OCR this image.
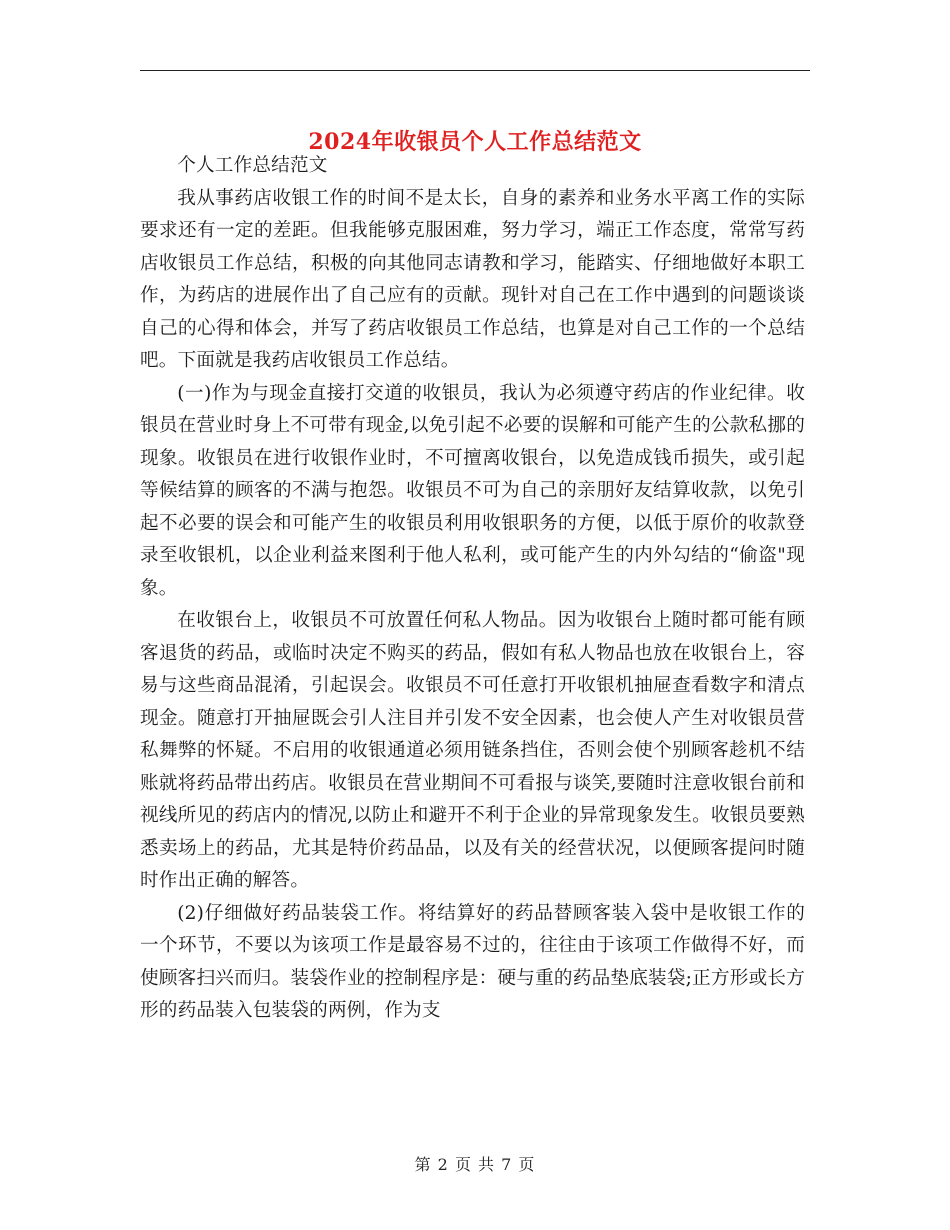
2024年收银员个人工作总结范文

个人工作总结范文

我从事药店收银工作的时间不是太长，自身的素养和业务水平离工作的实际要求还有一定的差距。但我能够克服困难，努力学习，端正工作态度，常常写药店收银员工作总结，积极的向其他同志请教和学习，能踏实、仔细地做好本职工作，为药店的进展作出了自己应有的贡献。现针对自己在工作中遇到的问题谈谈自己的心得和体会，并写了药店收银员工作总结，也算是对自己工作的一个总结吧。下面就是我药店收银员工作总结。

(一)作为与现金直接打交道的收银员，我认为必须遵守药店的作业纪律。收银员在营业时身上不可带有现金,以免引起不必要的误解和可能产生的公款私挪的现象。收银员在进行收银作业时，不可擅离收银台，以免造成钱币损失，或引起等候结算的顾客的不满与抱怨。收银员不可为自己的亲朋好友结算收款，以免引起不必要的误会和可能产生的收银员利用收银职务的方便，以低于原价的收款登录至收银机，以企业利益来图利于他人私利，或可能产生的内外勾结的“偷盗"现象。

在收银台上，收银员不可放置任何私人物品。因为收银台上随时都可能有顾客退货的药品，或临时决定不购买的药品，假如有私人物品也放在收银台上，容易与这些商品混淆，引起误会。收银员不可任意打开收银机抽屉查看数字和清点现金。随意打开抽屉既会引人注目并引发不安全因素，也会使人产生对收银员营私舞弊的怀疑。不启用的收银通道必须用链条挡住，否则会使个别顾客趁机不结账就将药品带出药店。收银员在营业期间不可看报与谈笑,要随时注意收银台前和视线所见的药店内的情况,以防止和避开不利于企业的异常现象发生。收银员要熟悉卖场上的药品，尤其是特价药品品，以及有关的经营状况，以便顾客提问时随时作出正确的解答。

(2)仔细做好药品装袋工作。将结算好的药品替顾客装入袋中是收银工作的一个环节，不要以为该项工作是最容易不过的，往往由于该项工作做得不好，而使顾客扫兴而归。装袋作业的控制程序是：硬与重的药品垫底装袋;正方形或长方形的药品装入包装袋的两例，作为支

第 2 页 共 7 页
